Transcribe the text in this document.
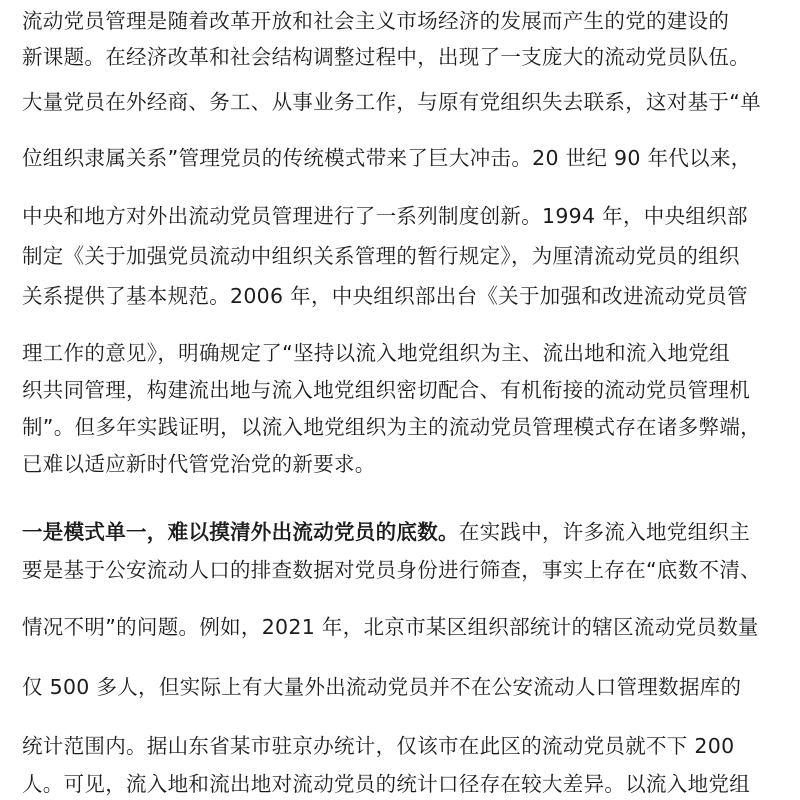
流动党员管理是随着改革开放和社会主义市场经济的发展而产生的党的建设的
新课题。在经济改革和社会结构调整过程中，出现了一支庞大的流动党员队伍。
大量党员在外经商、务工、从事业务工作，与原有党组织失去联系，这对基于“单
位组织隶属关系”管理党员的传统模式带来了巨大冲击。20 世纪 90 年代以来，
中央和地方对外出流动党员管理进行了一系列制度创新。1994 年，中央组织部
制定《关于加强党员流动中组织关系管理的暂行规定》，为厘清流动党员的组织
关系提供了基本规范。2006 年，中央组织部出台《关于加强和改进流动党员管
理工作的意见》，明确规定了“坚持以流入地党组织为主、流出地和流入地党组
织共同管理，构建流出地与流入地党组织密切配合、有机衔接的流动党员管理机
制”。但多年实践证明，以流入地党组织为主的流动党员管理模式存在诸多弊端，
已难以适应新时代管党治党的新要求。
一是模式单一，难以摸清外出流动党员的底数。在实践中，许多流入地党组织主
要是基于公安流动人口的排查数据对党员身份进行筛查，事实上存在“底数不清、
情况不明”的问题。例如，2021 年，北京市某区组织部统计的辖区流动党员数量
仅 500 多人，但实际上有大量外出流动党员并不在公安流动人口管理数据库的
统计范围内。据山东省某市驻京办统计，仅该市在此区的流动党员就不下 200
人。可见，流入地和流出地对流动党员的统计口径存在较大差异。以流入地党组
